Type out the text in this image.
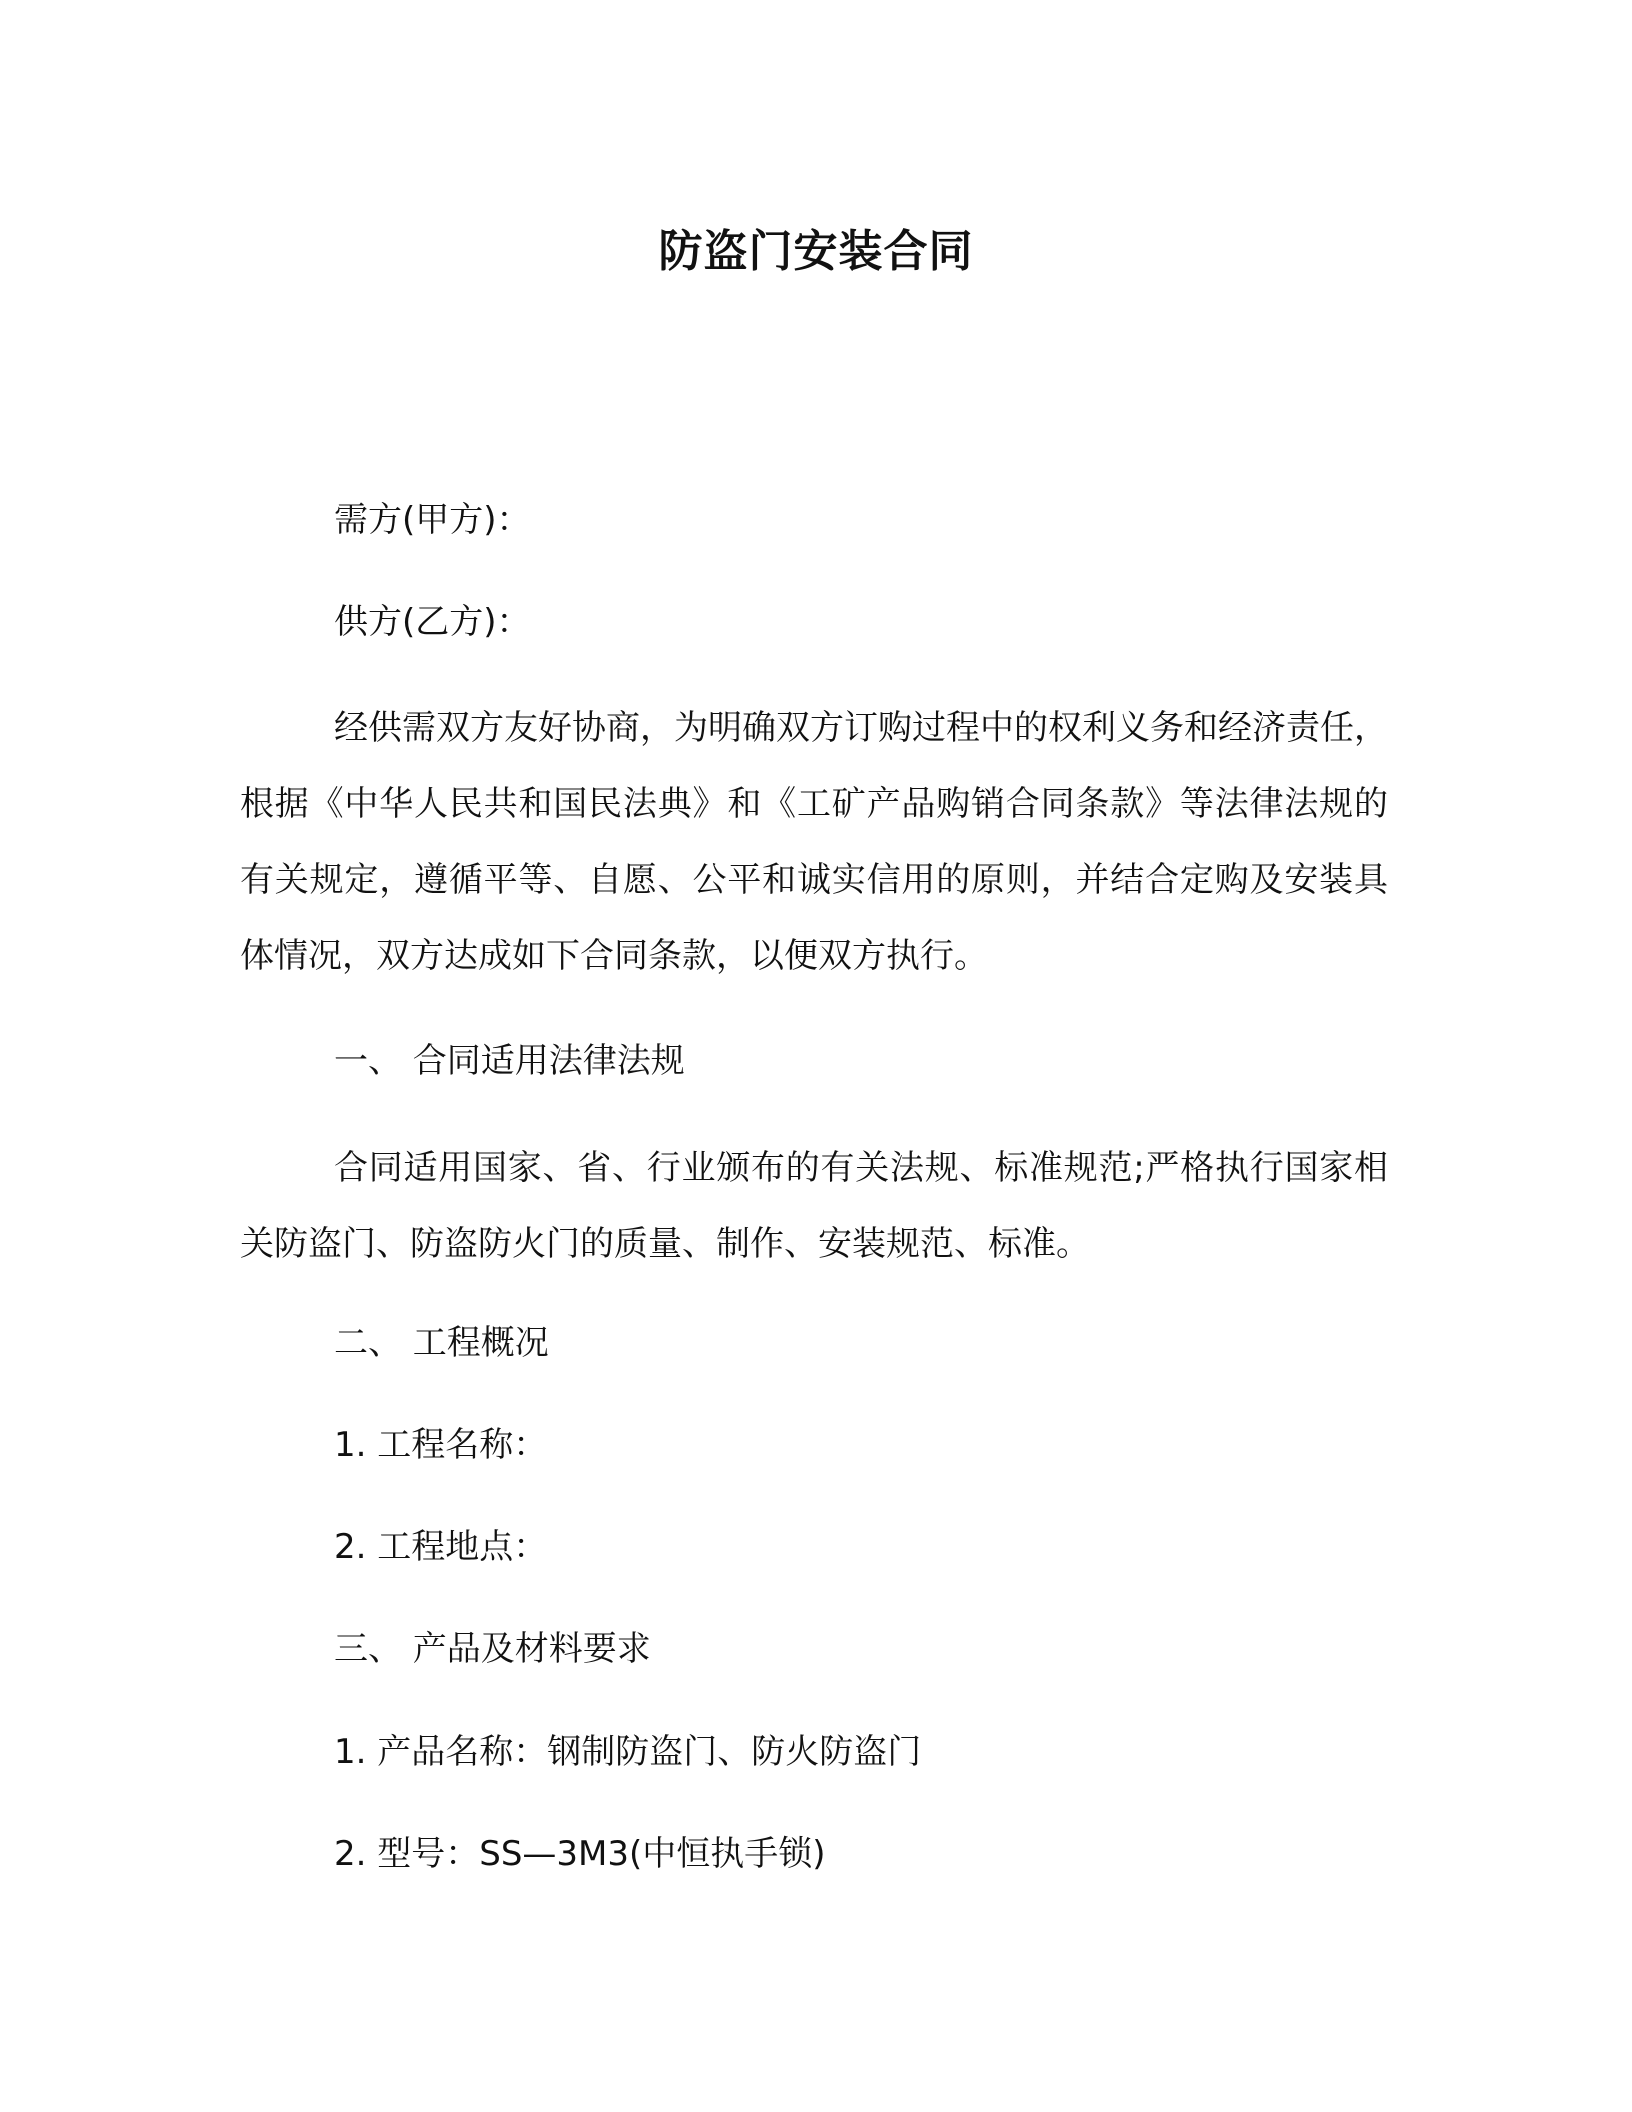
防盗门安装合同
需方(甲方)：
供方(乙方)：

经供需双方友好协商，为明确双方订购过程中的权利义务和经济责任，根据《中华人民共和国民法典》和《工矿产品购销合同条款》等法律法规的有关规定，遵循平等、自愿、公平和诚实信用的原则，并结合定购及安装具体情况，双方达成如下合同条款，以便双方执行。

一、 合同适用法律法规

合同适用国家、省、行业颁布的有关法规、标准规范;严格执行国家相关防盗门、防盗防火门的质量、制作、安装规范、标准。

二、 工程概况
1. 工程名称：
2. 工程地点：
三、 产品及材料要求
1. 产品名称：钢制防盗门、防火防盗门
2. 型号：SS—3M3(中恒执手锁)
